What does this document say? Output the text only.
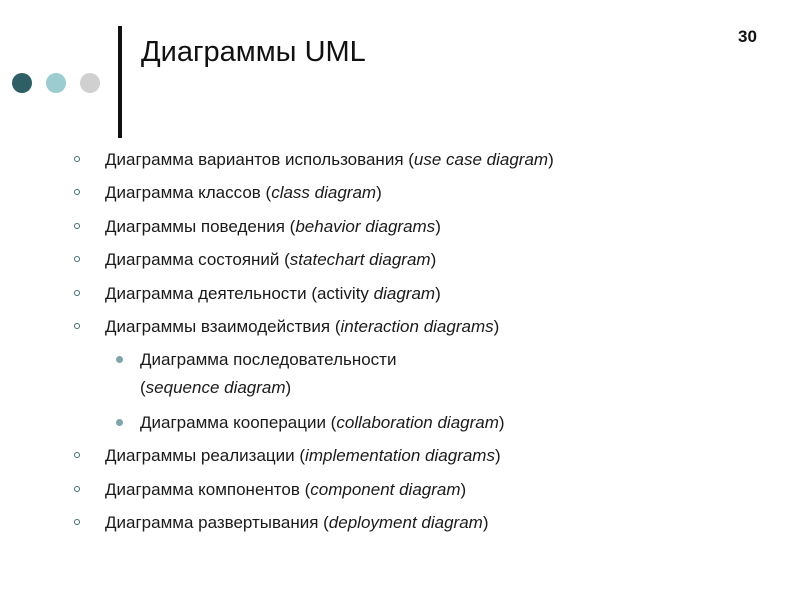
Диаграммы UML	30
Диаграмма вариантов использования (use case diagram)
Диаграмма классов (class diagram)
Диаграммы поведения (behavior diagrams)
Диаграмма состояний (statechart diagram)
Диаграмма деятельности (activity diagram)
Диаграммы взаимодействия (interaction diagrams)
Диаграмма последовательности
(sequence diagram)
Диаграмма кооперации (collaboration diagram)
Диаграммы реализации (implementation diagrams)
Диаграмма компонентов (component diagram)
Диаграмма развертывания (deployment diagram)
